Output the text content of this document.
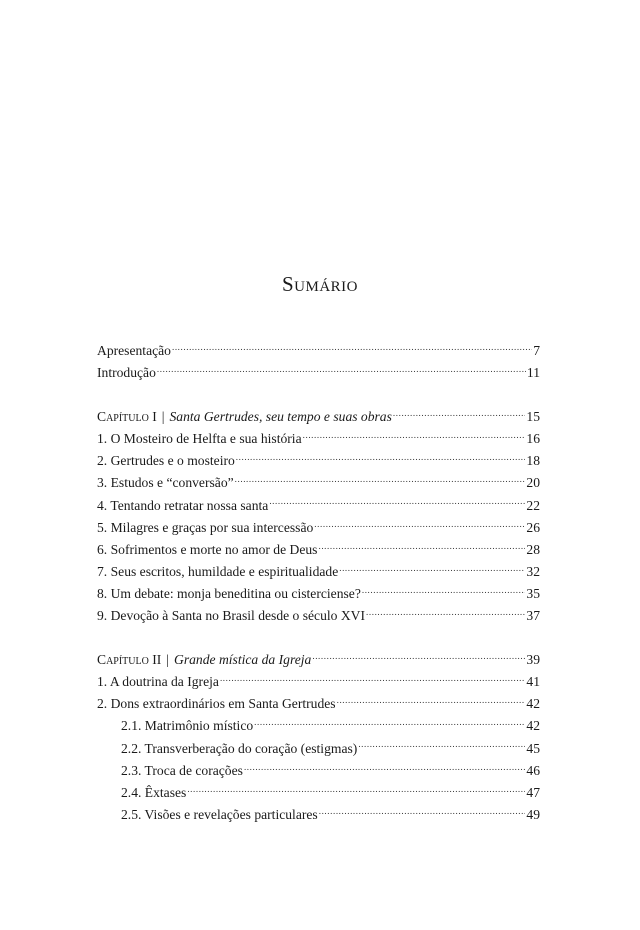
Sumário
Apresentação .....	7
Introdução .....	11
Capítulo I | Santa Gertrudes, seu tempo e suas obras .....	15
1. O Mosteiro de Helfta e sua história .....	16
2. Gertrudes e o mosteiro .....	18
3. Estudos e “conversão” .....	20
4. Tentando retratar nossa santa .....	22
5. Milagres e graças por sua intercessão .....	26
6. Sofrimentos e morte no amor de Deus .....	28
7. Seus escritos, humildade e espiritualidade .....	32
8. Um debate: monja beneditina ou cisterciense? .....	35
9. Devoção à Santa no Brasil desde o século XVI .....	37
Capítulo II | Grande mística da Igreja .....	39
1. A doutrina da Igreja .....	41
2. Dons extraordinários em Santa Gertrudes .....	42
2.1. Matrimônio místico .....	42
2.2. Transverberação do coração (estigmas) .....	45
2.3. Troca de corações .....	46
2.4. Êxtases .....	47
2.5. Visões e revelações particulares .....	49
